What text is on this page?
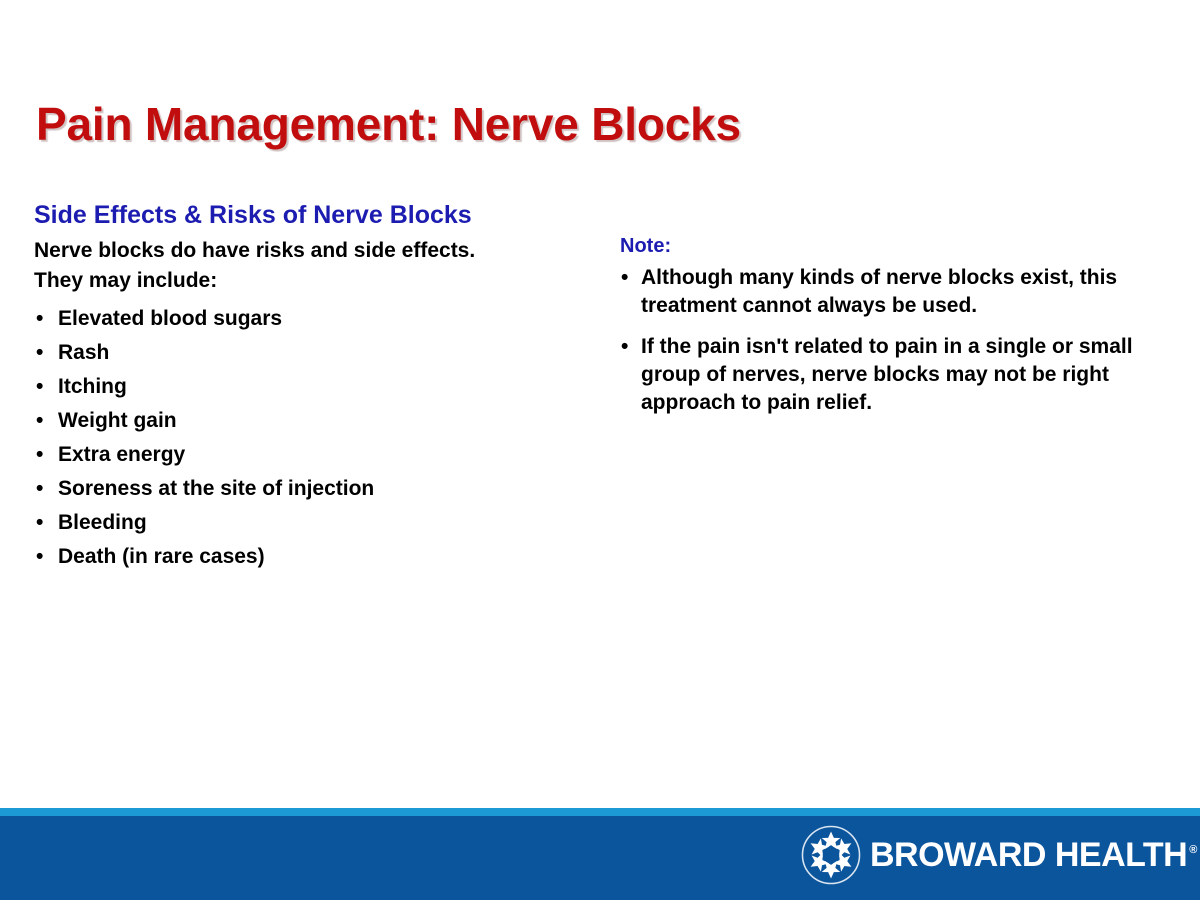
Pain Management: Nerve Blocks
Side Effects & Risks of Nerve Blocks
Nerve blocks do have risks and side effects.
They may include:
• Elevated blood sugars
• Rash
• Itching
• Weight gain
• Extra energy
• Soreness at the site of injection
• Bleeding
• Death (in rare cases)
Note:
• Although many kinds of nerve blocks exist, this treatment cannot always be used.
• If the pain isn't related to pain in a single or small group of nerves, nerve blocks may not be right approach to pain relief.
BROWARD HEALTH ®
